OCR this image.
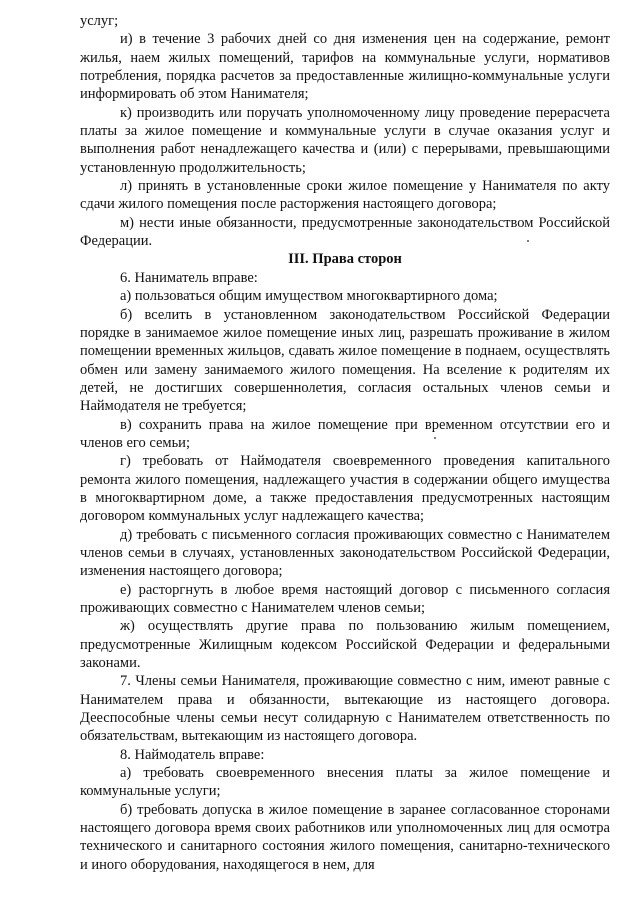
услуг;

и) в течение 3 рабочих дней со дня изменения цен на содержание, ремонт жилья, наем жилых помещений, тарифов на коммунальные услуги, нормативов потребления, порядка расчетов за предоставленные жилищно-коммунальные услуги информировать об этом Нанимателя;

к) производить или поручать уполномоченному лицу проведение перерасчета платы за жилое помещение и коммунальные услуги в случае оказания услуг и выполнения работ ненадлежащего качества и (или) с перерывами, превышающими установленную продолжительность;

л) принять в установленные сроки жилое помещение у Нанимателя по акту сдачи жилого помещения после расторжения настоящего договора;

м) нести иные обязанности, предусмотренные законодательством Российской Федерации.

III. Права сторон

6. Наниматель вправе:

а) пользоваться общим имуществом многоквартирного дома;

б) вселить в установленном законодательством Российской Федерации порядке в занимаемое жилое помещение иных лиц, разрешать проживание в жилом помещении временных жильцов, сдавать жилое помещение в поднаем, осуществлять обмен или замену занимаемого жилого помещения. На вселение к родителям их детей, не достигших совершеннолетия, согласия остальных членов семьи и Наймодателя не требуется;

в) сохранить права на жилое помещение при временном отсутствии его и членов его семьи;

г) требовать от Наймодателя своевременного проведения капитального ремонта жилого помещения, надлежащего участия в содержании общего имущества в многоквартирном доме, а также предоставления предусмотренных настоящим договором коммунальных услуг надлежащего качества;

д) требовать с письменного согласия проживающих совместно с Нанимателем членов семьи в случаях, установленных законодательством Российской Федерации, изменения настоящего договора;

е) расторгнуть в любое время настоящий договор с письменного согласия проживающих совместно с Нанимателем членов семьи;

ж) осуществлять другие права по пользованию жилым помещением, предусмотренные Жилищным кодексом Российской Федерации и федеральными законами.

7. Члены семьи Нанимателя, проживающие совместно с ним, имеют равные с Нанимателем права и обязанности, вытекающие из настоящего договора. Дееспособные члены семьи несут солидарную с Нанимателем ответственность по обязательствам, вытекающим из настоящего договора.

8. Наймодатель вправе:

а) требовать своевременного внесения платы за жилое помещение и коммунальные услуги;

б) требовать допуска в жилое помещение в заранее согласованное сторонами настоящего договора время своих работников или уполномоченных лиц для осмотра технического и санитарного состояния жилого помещения, санитарно-технического и иного оборудования, находящегося в нем, для
